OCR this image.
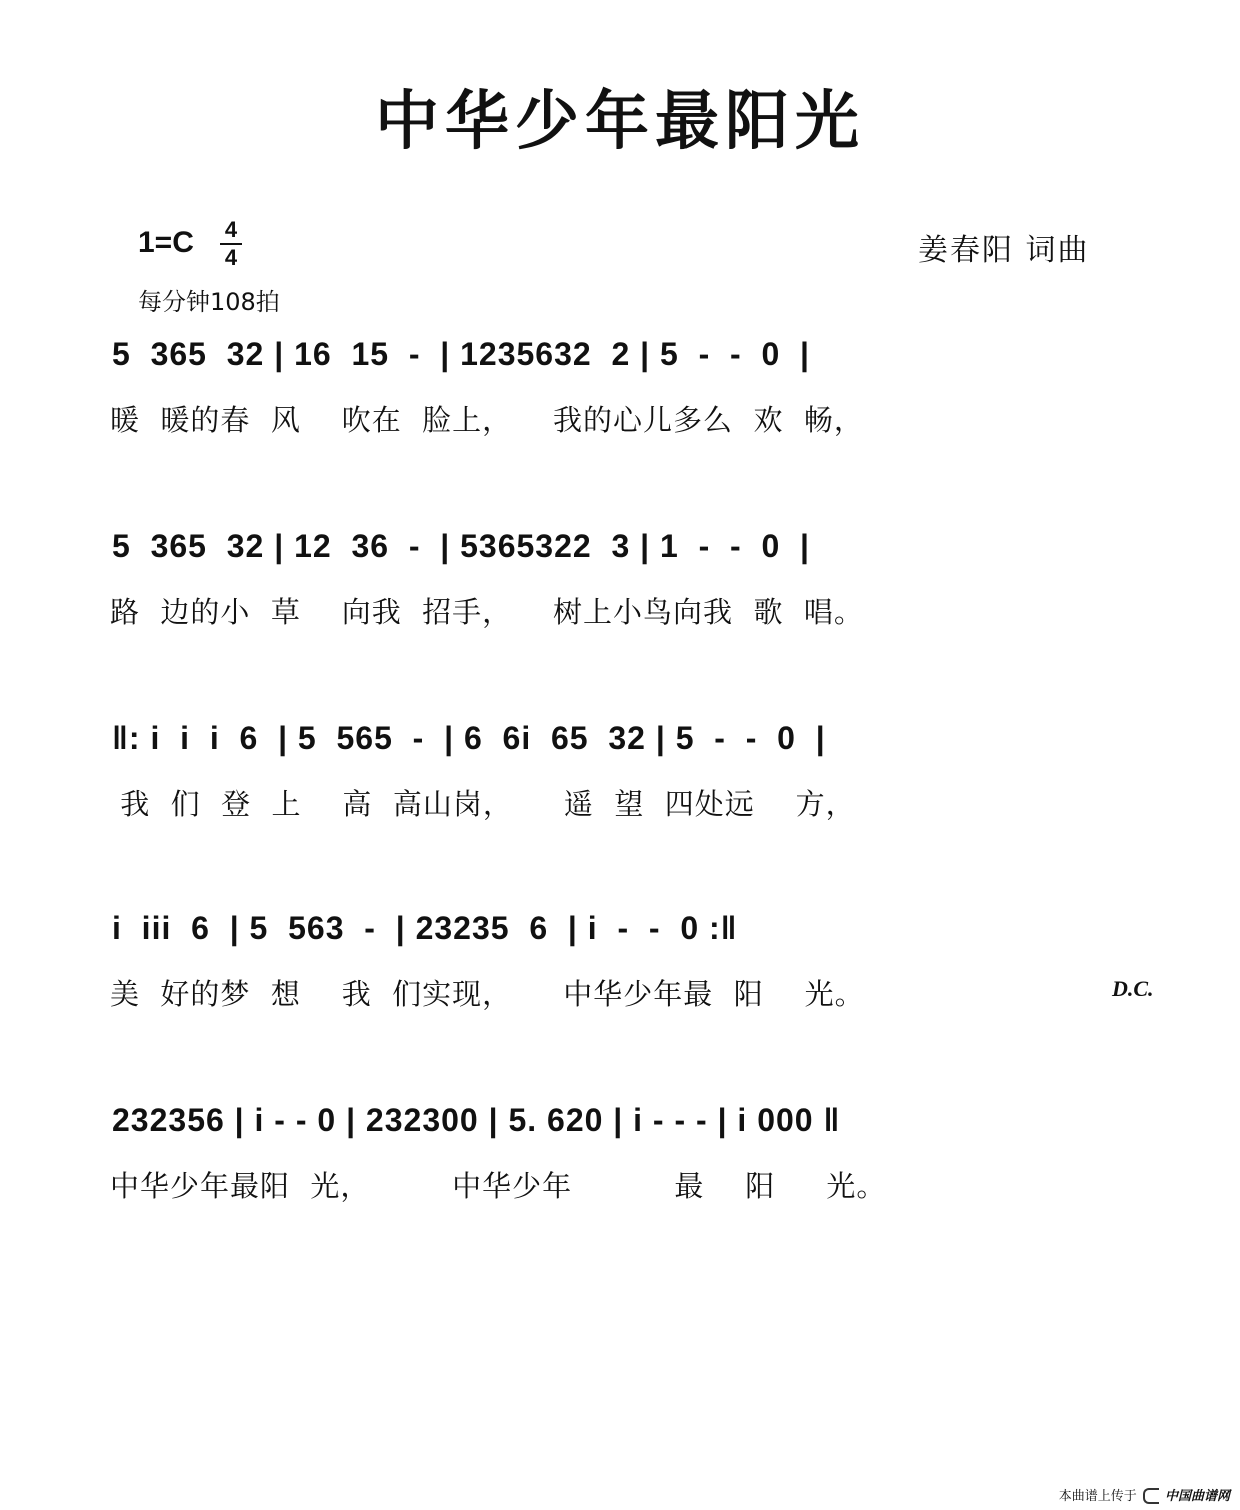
中华少年最阳光
1=C 4
4
每分钟108拍
姜春阳 词曲
5  365  32 | 16  15  -  | 1235632  2 | 5  -  -  0  |
暖  暖的春  风    吹在  脸上，    我的心儿多么  欢  畅，
5  365  32 | 12  36  -  | 5365322  3 | 1  -  -  0  |
路  边的小  草    向我  招手，    树上小鸟向我  歌  唱。
‖: i  i  i  6  | 5  565  -  | 6  6i  65  32 | 5  -  -  0  |
我  们  登  上    高  高山岗，     遥  望  四处远    方，
i  iii  6  | 5  563  -  | 23235  6  | i  -  -  0 :‖
美  好的梦  想    我  们实现，     中华少年最  阳    光。
232356 | i - - 0 | 232300 | 5. 620 | i - - - | i 000 ‖
中华少年最阳  光，        中华少年          最    阳     光。
D.C.
本曲谱上传于 中国曲谱网
